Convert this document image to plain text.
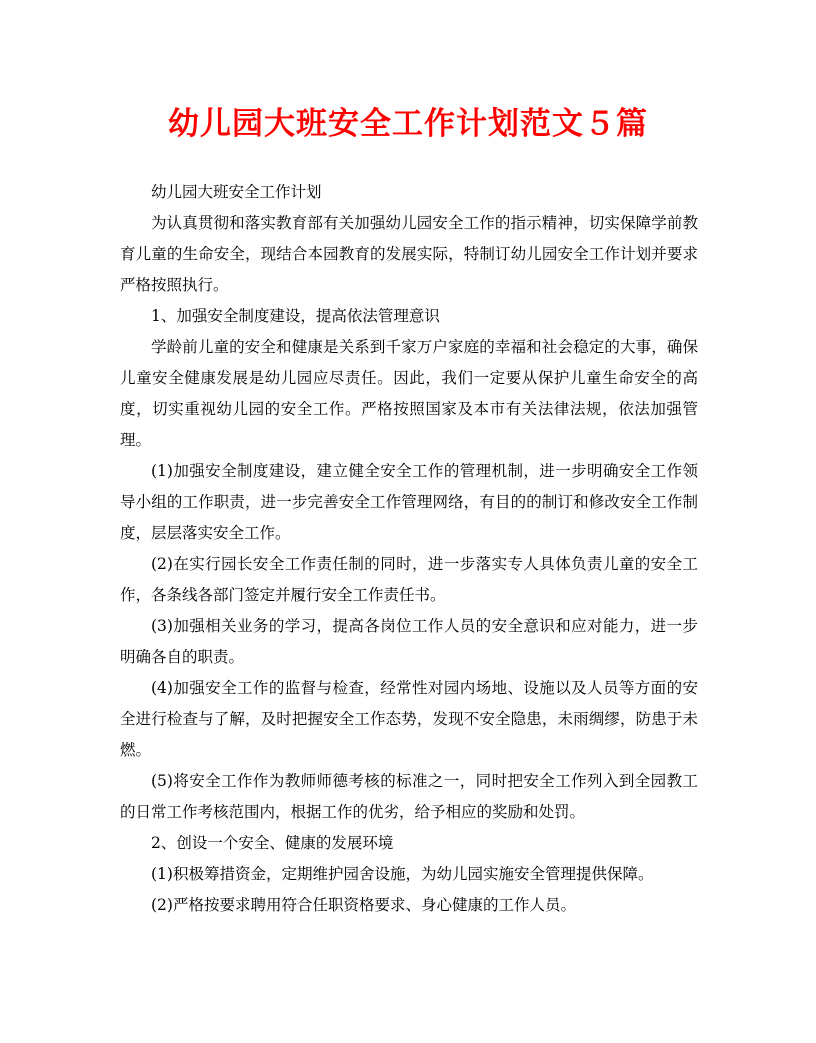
幼儿园大班安全工作计划范文５篇

幼儿园大班安全工作计划

为认真贯彻和落实教育部有关加强幼儿园安全工作的指示精神，切实保障学前教育儿童的生命安全，现结合本园教育的发展实际，特制订幼儿园安全工作计划并要求严格按照执行。

1、加强安全制度建设，提高依法管理意识

学龄前儿童的安全和健康是关系到千家万户家庭的幸福和社会稳定的大事，确保儿童安全健康发展是幼儿园应尽责任。因此，我们一定要从保护儿童生命安全的高度，切实重视幼儿园的安全工作。严格按照国家及本市有关法律法规，依法加强管理。

(1)加强安全制度建设，建立健全安全工作的管理机制，进一步明确安全工作领导小组的工作职责，进一步完善安全工作管理网络，有目的的制订和修改安全工作制度，层层落实安全工作。

(2)在实行园长安全工作责任制的同时，进一步落实专人具体负责儿童的安全工作，各条线各部门签定并履行安全工作责任书。

(3)加强相关业务的学习，提高各岗位工作人员的安全意识和应对能力，进一步明确各自的职责。

(4)加强安全工作的监督与检查，经常性对园内场地、设施以及人员等方面的安全进行检查与了解，及时把握安全工作态势，发现不安全隐患，未雨绸缪，防患于未燃。

(5)将安全工作作为教师师德考核的标准之一，同时把安全工作列入到全园教工的日常工作考核范围内，根据工作的优劣，给予相应的奖励和处罚。

2、创设一个安全、健康的发展环境

(1)积极筹措资金，定期维护园舍设施，为幼儿园实施安全管理提供保障。

(2)严格按要求聘用符合任职资格要求、身心健康的工作人员。
